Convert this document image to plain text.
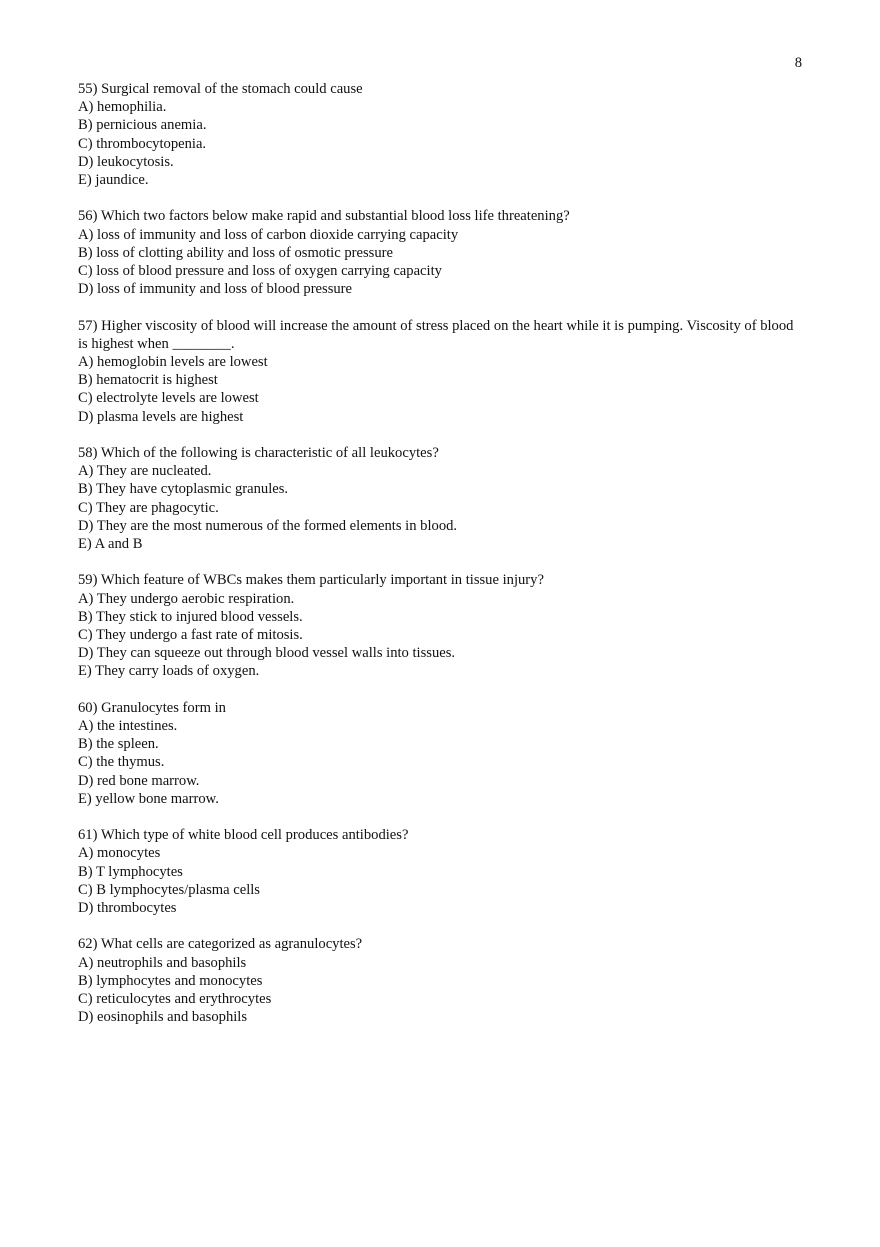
8
55) Surgical removal of the stomach could cause
A) hemophilia.
B) pernicious anemia.
C) thrombocytopenia.
D) leukocytosis.
E) jaundice.
56) Which two factors below make rapid and substantial blood loss life threatening?
A) loss of immunity and loss of carbon dioxide carrying capacity
B) loss of clotting ability and loss of osmotic pressure
C) loss of blood pressure and loss of oxygen carrying capacity
D) loss of immunity and loss of blood pressure
57) Higher viscosity of blood will increase the amount of stress placed on the heart while it is pumping. Viscosity of blood is highest when ________.
A) hemoglobin levels are lowest
B) hematocrit is highest
C) electrolyte levels are lowest
D) plasma levels are highest
58) Which of the following is characteristic of all leukocytes?
A) They are nucleated.
B) They have cytoplasmic granules.
C) They are phagocytic.
D) They are the most numerous of the formed elements in blood.
E) A and B
59) Which feature of WBCs makes them particularly important in tissue injury?
A) They undergo aerobic respiration.
B) They stick to injured blood vessels.
C) They undergo a fast rate of mitosis.
D) They can squeeze out through blood vessel walls into tissues.
E) They carry loads of oxygen.
60) Granulocytes form in
A) the intestines.
B) the spleen.
C) the thymus.
D) red bone marrow.
E) yellow bone marrow.
61) Which type of white blood cell produces antibodies?
A) monocytes
B) T lymphocytes
C) B lymphocytes/plasma cells
D) thrombocytes
62) What cells are categorized as agranulocytes?
A) neutrophils and basophils
B) lymphocytes and monocytes
C) reticulocytes and erythrocytes
D) eosinophils and basophils
